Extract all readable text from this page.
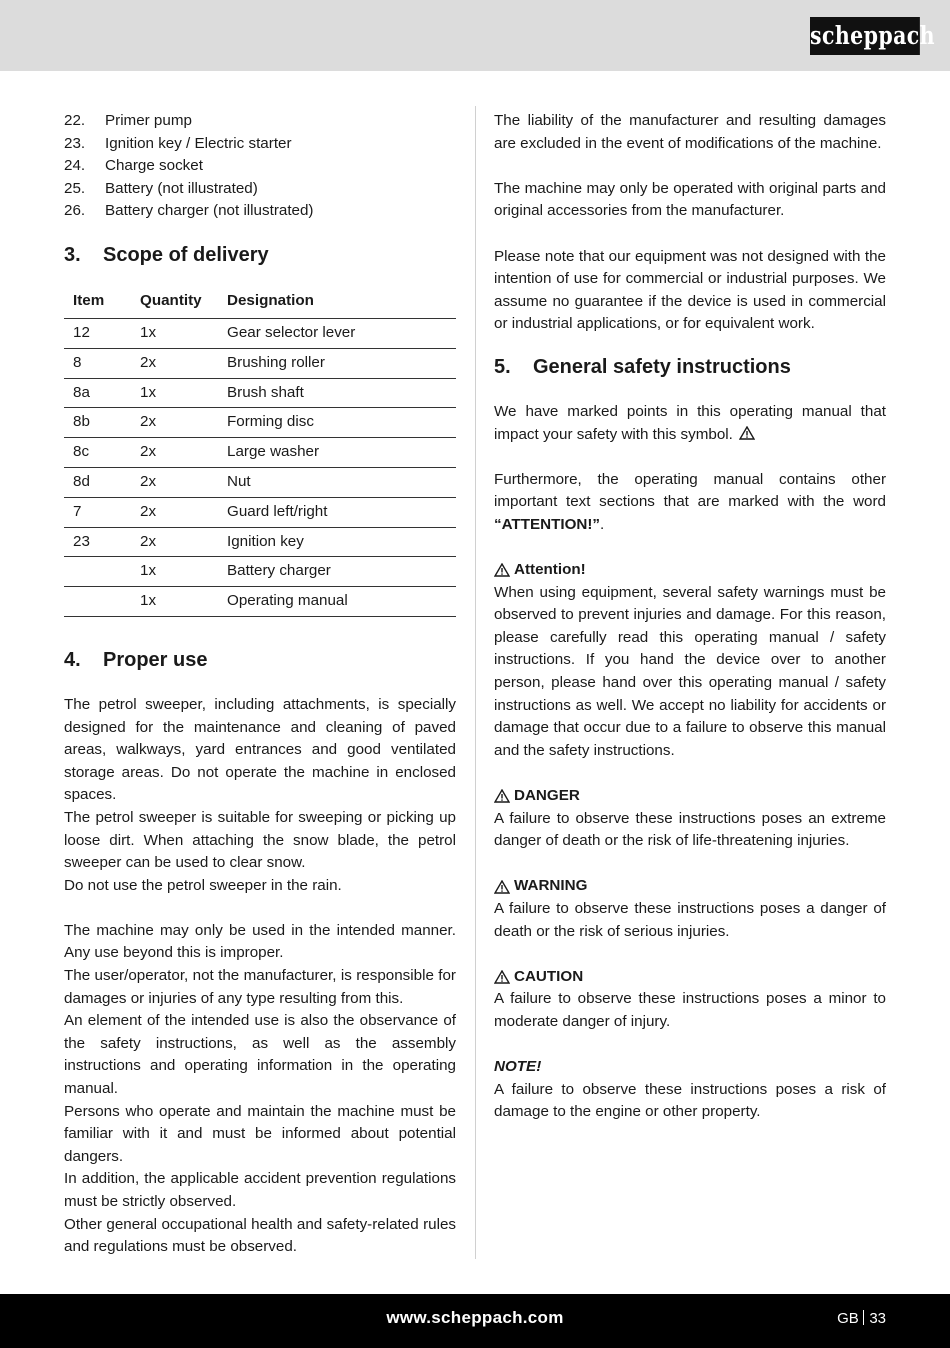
scheppach
22.	Primer pump
23.	Ignition key / Electric starter
24.	Charge socket
25.	Battery (not illustrated)
26.	Battery charger (not illustrated)
3.	Scope of delivery
Item	Quantity	Designation
12	1x	Gear selector lever
8	2x	Brushing roller
8a	1x	Brush shaft
8b	2x	Forming disc
8c	2x	Large washer
8d	2x	Nut
7	2x	Guard left/right
23	2x	Ignition key
	1x	Battery charger
	1x	Operating manual
4.	Proper use

The petrol sweeper, including attachments, is specially designed for the maintenance and cleaning of paved areas, walkways, yard entrances and good ventilated storage areas. Do not operate the machine in enclosed spaces.

The petrol sweeper is suitable for sweeping or picking up loose dirt. When attaching the snow blade, the petrol sweeper can be used to clear snow.

Do not use the petrol sweeper in the rain.

The machine may only be used in the intended manner. Any use beyond this is improper.

The user/operator, not the manufacturer, is responsible for damages or injuries of any type resulting from this.

An element of the intended use is also the observance of the safety instructions, as well as the assembly instructions and operating information in the operating manual.

Persons who operate and maintain the machine must be familiar with it and must be informed about potential dangers.

In addition, the applicable accident prevention regulations must be strictly observed.

Other general occupational health and safety-related rules and regulations must be observed.

The liability of the manufacturer and resulting damages are excluded in the event of modifications of the machine.

The machine may only be operated with original parts and original accessories from the manufacturer.

Please note that our equipment was not designed with the intention of use for commercial or industrial purposes. We assume no guarantee if the device is used in commercial or industrial applications, or for equivalent work.

5.	General safety instructions

We have marked points in this operating manual that impact your safety with this symbol.

Furthermore, the operating manual contains other important text sections that are marked with the word “ATTENTION!”.

Attention!

When using equipment, several safety warnings must be observed to prevent injuries and damage. For this reason, please carefully read this operating manual / safety instructions. If you hand the device over to another person, please hand over this operating manual / safety instructions as well. We accept no liability for accidents or damage that occur due to a failure to observe this manual and the safety instructions.

DANGER

A failure to observe these instructions poses an extreme danger of death or the risk of life-threatening injuries.

WARNING

A failure to observe these instructions poses a danger of death or the risk of serious injuries.

CAUTION

A failure to observe these instructions poses a minor to moderate danger of injury.

NOTE!

A failure to observe these instructions poses a risk of damage to the engine or other property.

www.scheppach.com	GB 33
